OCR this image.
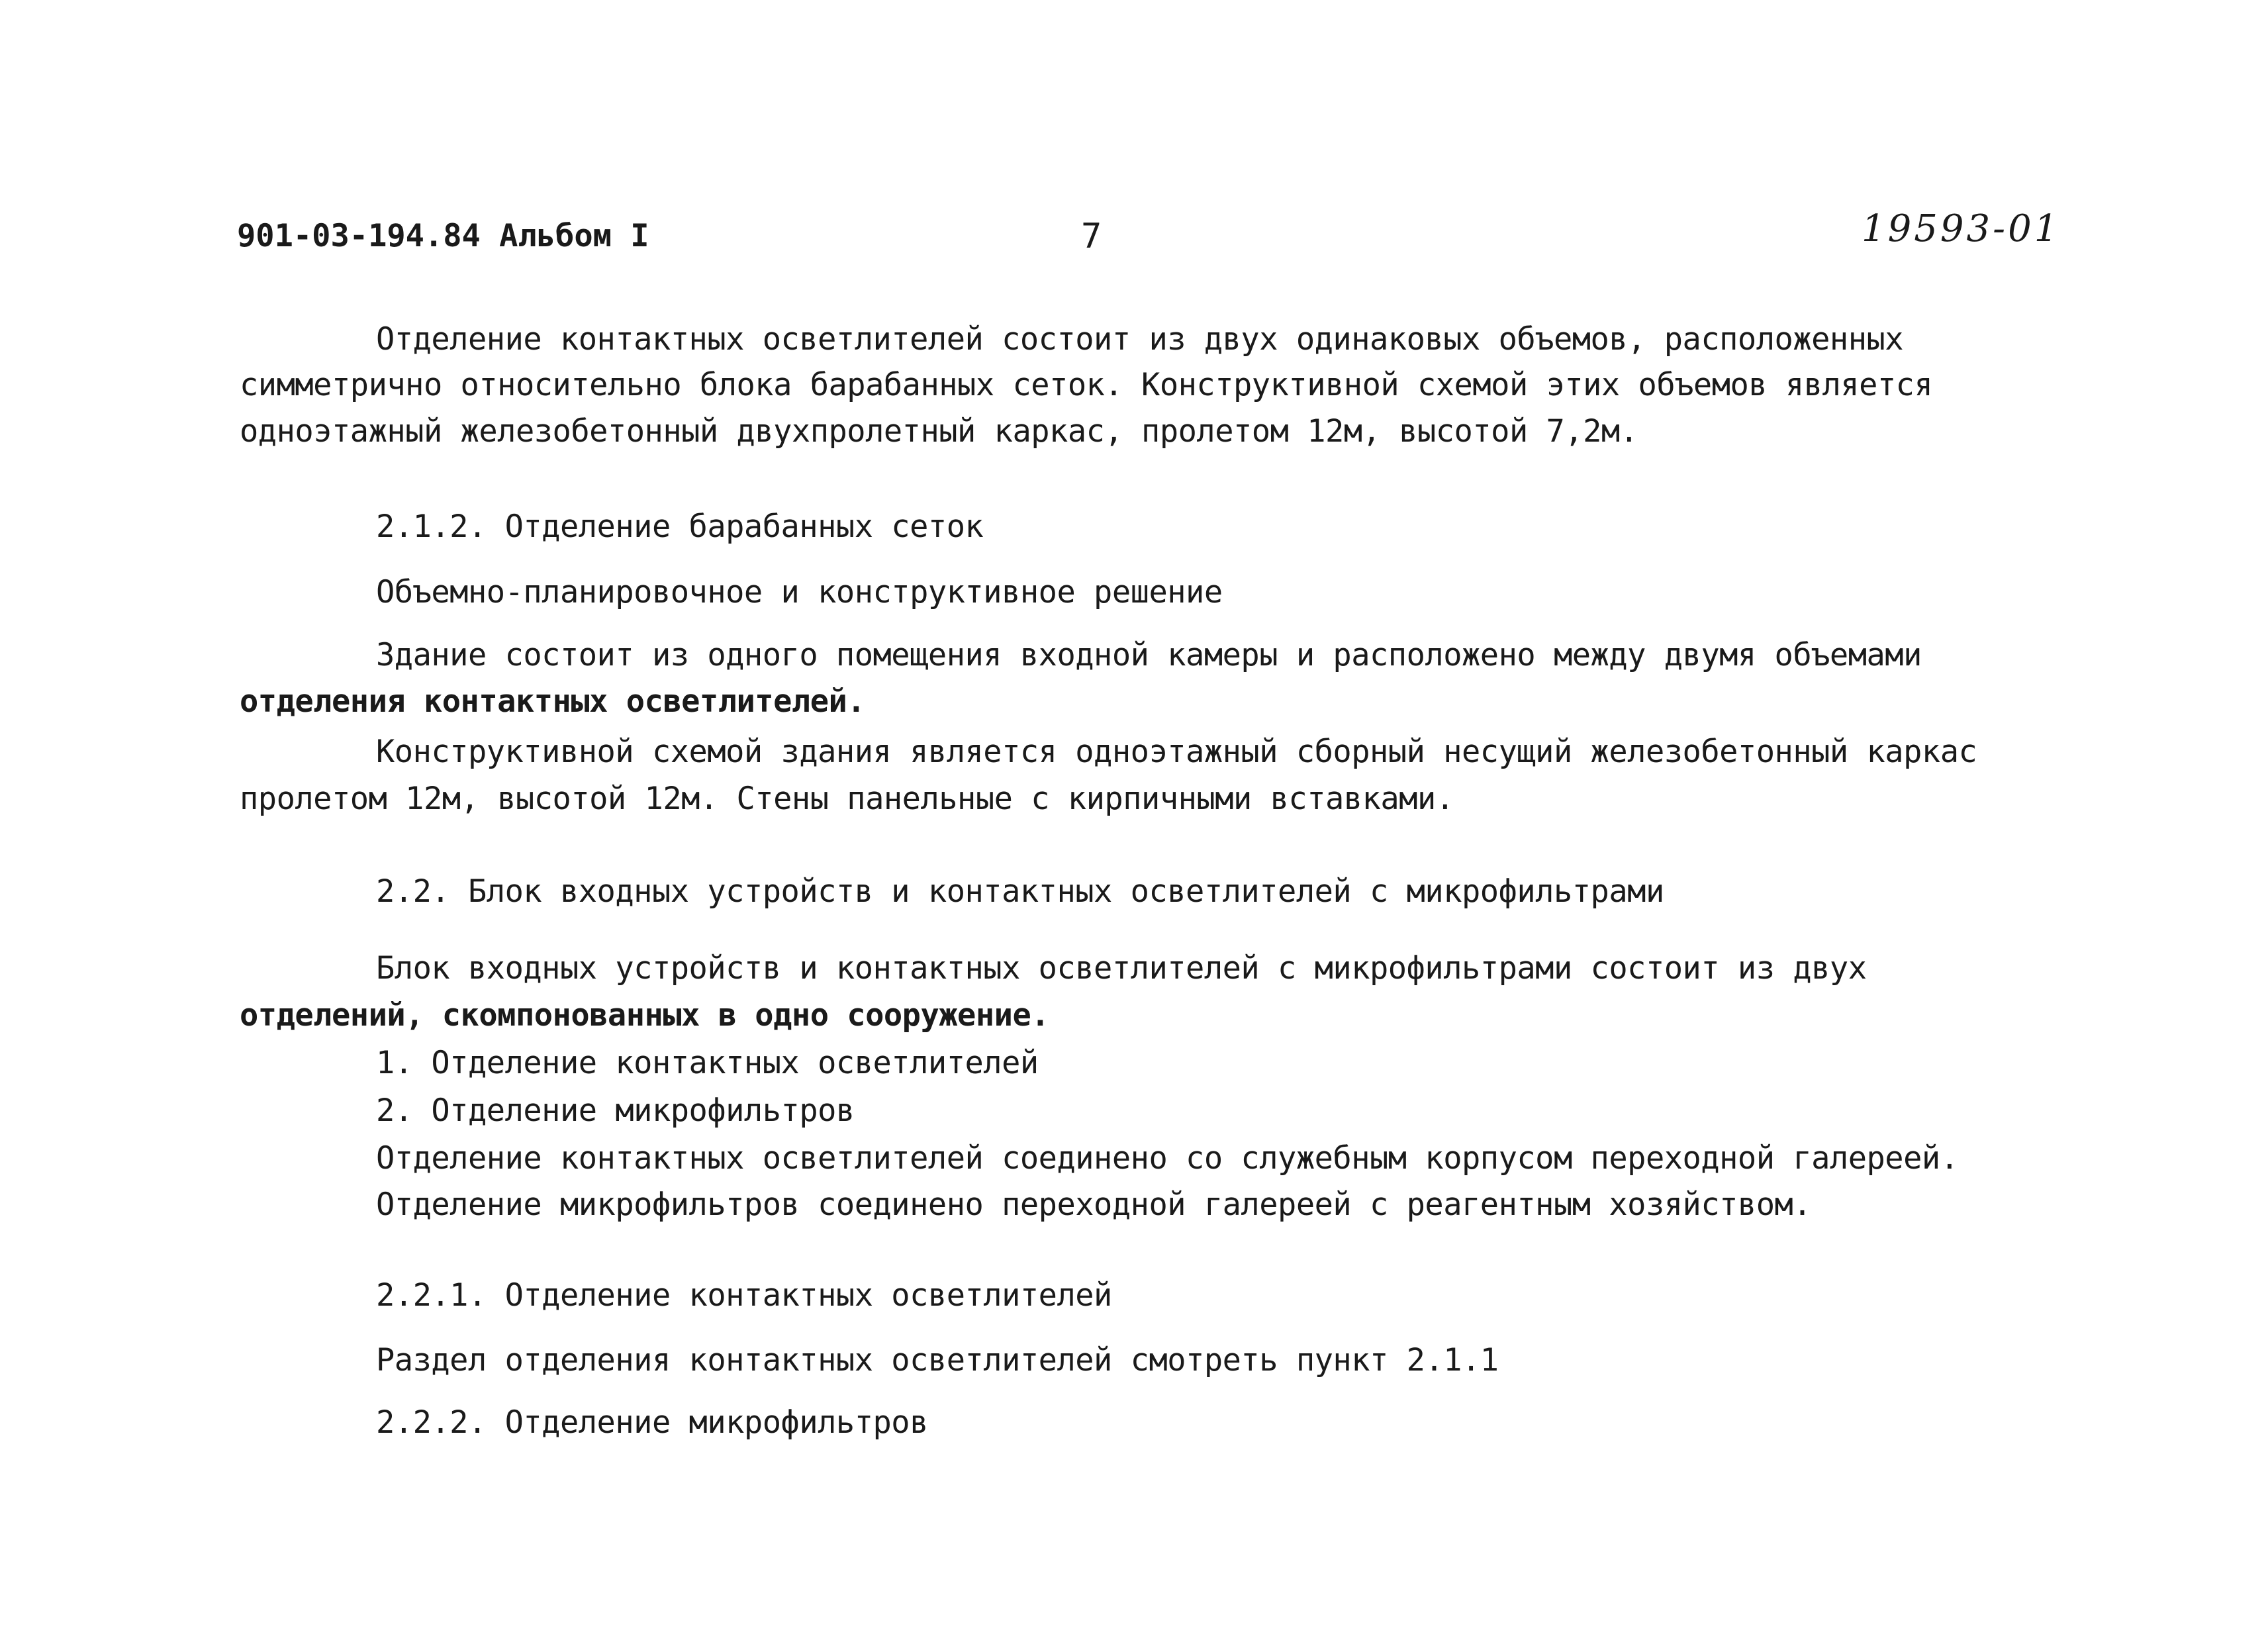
901-03-194.84 Альбом I	7	19593-01
Отделение контактных осветлителей состоит из двух одинаковых объемов, расположенных
симметрично относительно блока барабанных сеток. Конструктивной схемой этих объемов является
одноэтажный железобетонный двухпролетный каркас, пролетом 12м, высотой 7,2м.
2.1.2. Отделение барабанных сеток
Объемно-планировочное и конструктивное решение
Здание состоит из одного помещения входной камеры и расположено между двумя объемами
отделения контактных осветлителей.
Конструктивной схемой здания является одноэтажный сборный несущий железобетонный каркас
пролетом 12м, высотой 12м. Стены панельные с кирпичными вставками.
2.2. Блок входных устройств и контактных осветлителей с микрофильтрами
Блок входных устройств и контактных осветлителей с микрофильтрами состоит из двух
отделений, скомпонованных в одно сооружение.
1. Отделение контактных осветлителей
2. Отделение микрофильтров
Отделение контактных осветлителей соединено со служебным корпусом переходной галереей.
Отделение микрофильтров соединено переходной галереей с реагентным хозяйством.
2.2.1. Отделение контактных осветлителей
Раздел отделения контактных осветлителей смотреть пункт 2.1.1
2.2.2. Отделение микрофильтров
